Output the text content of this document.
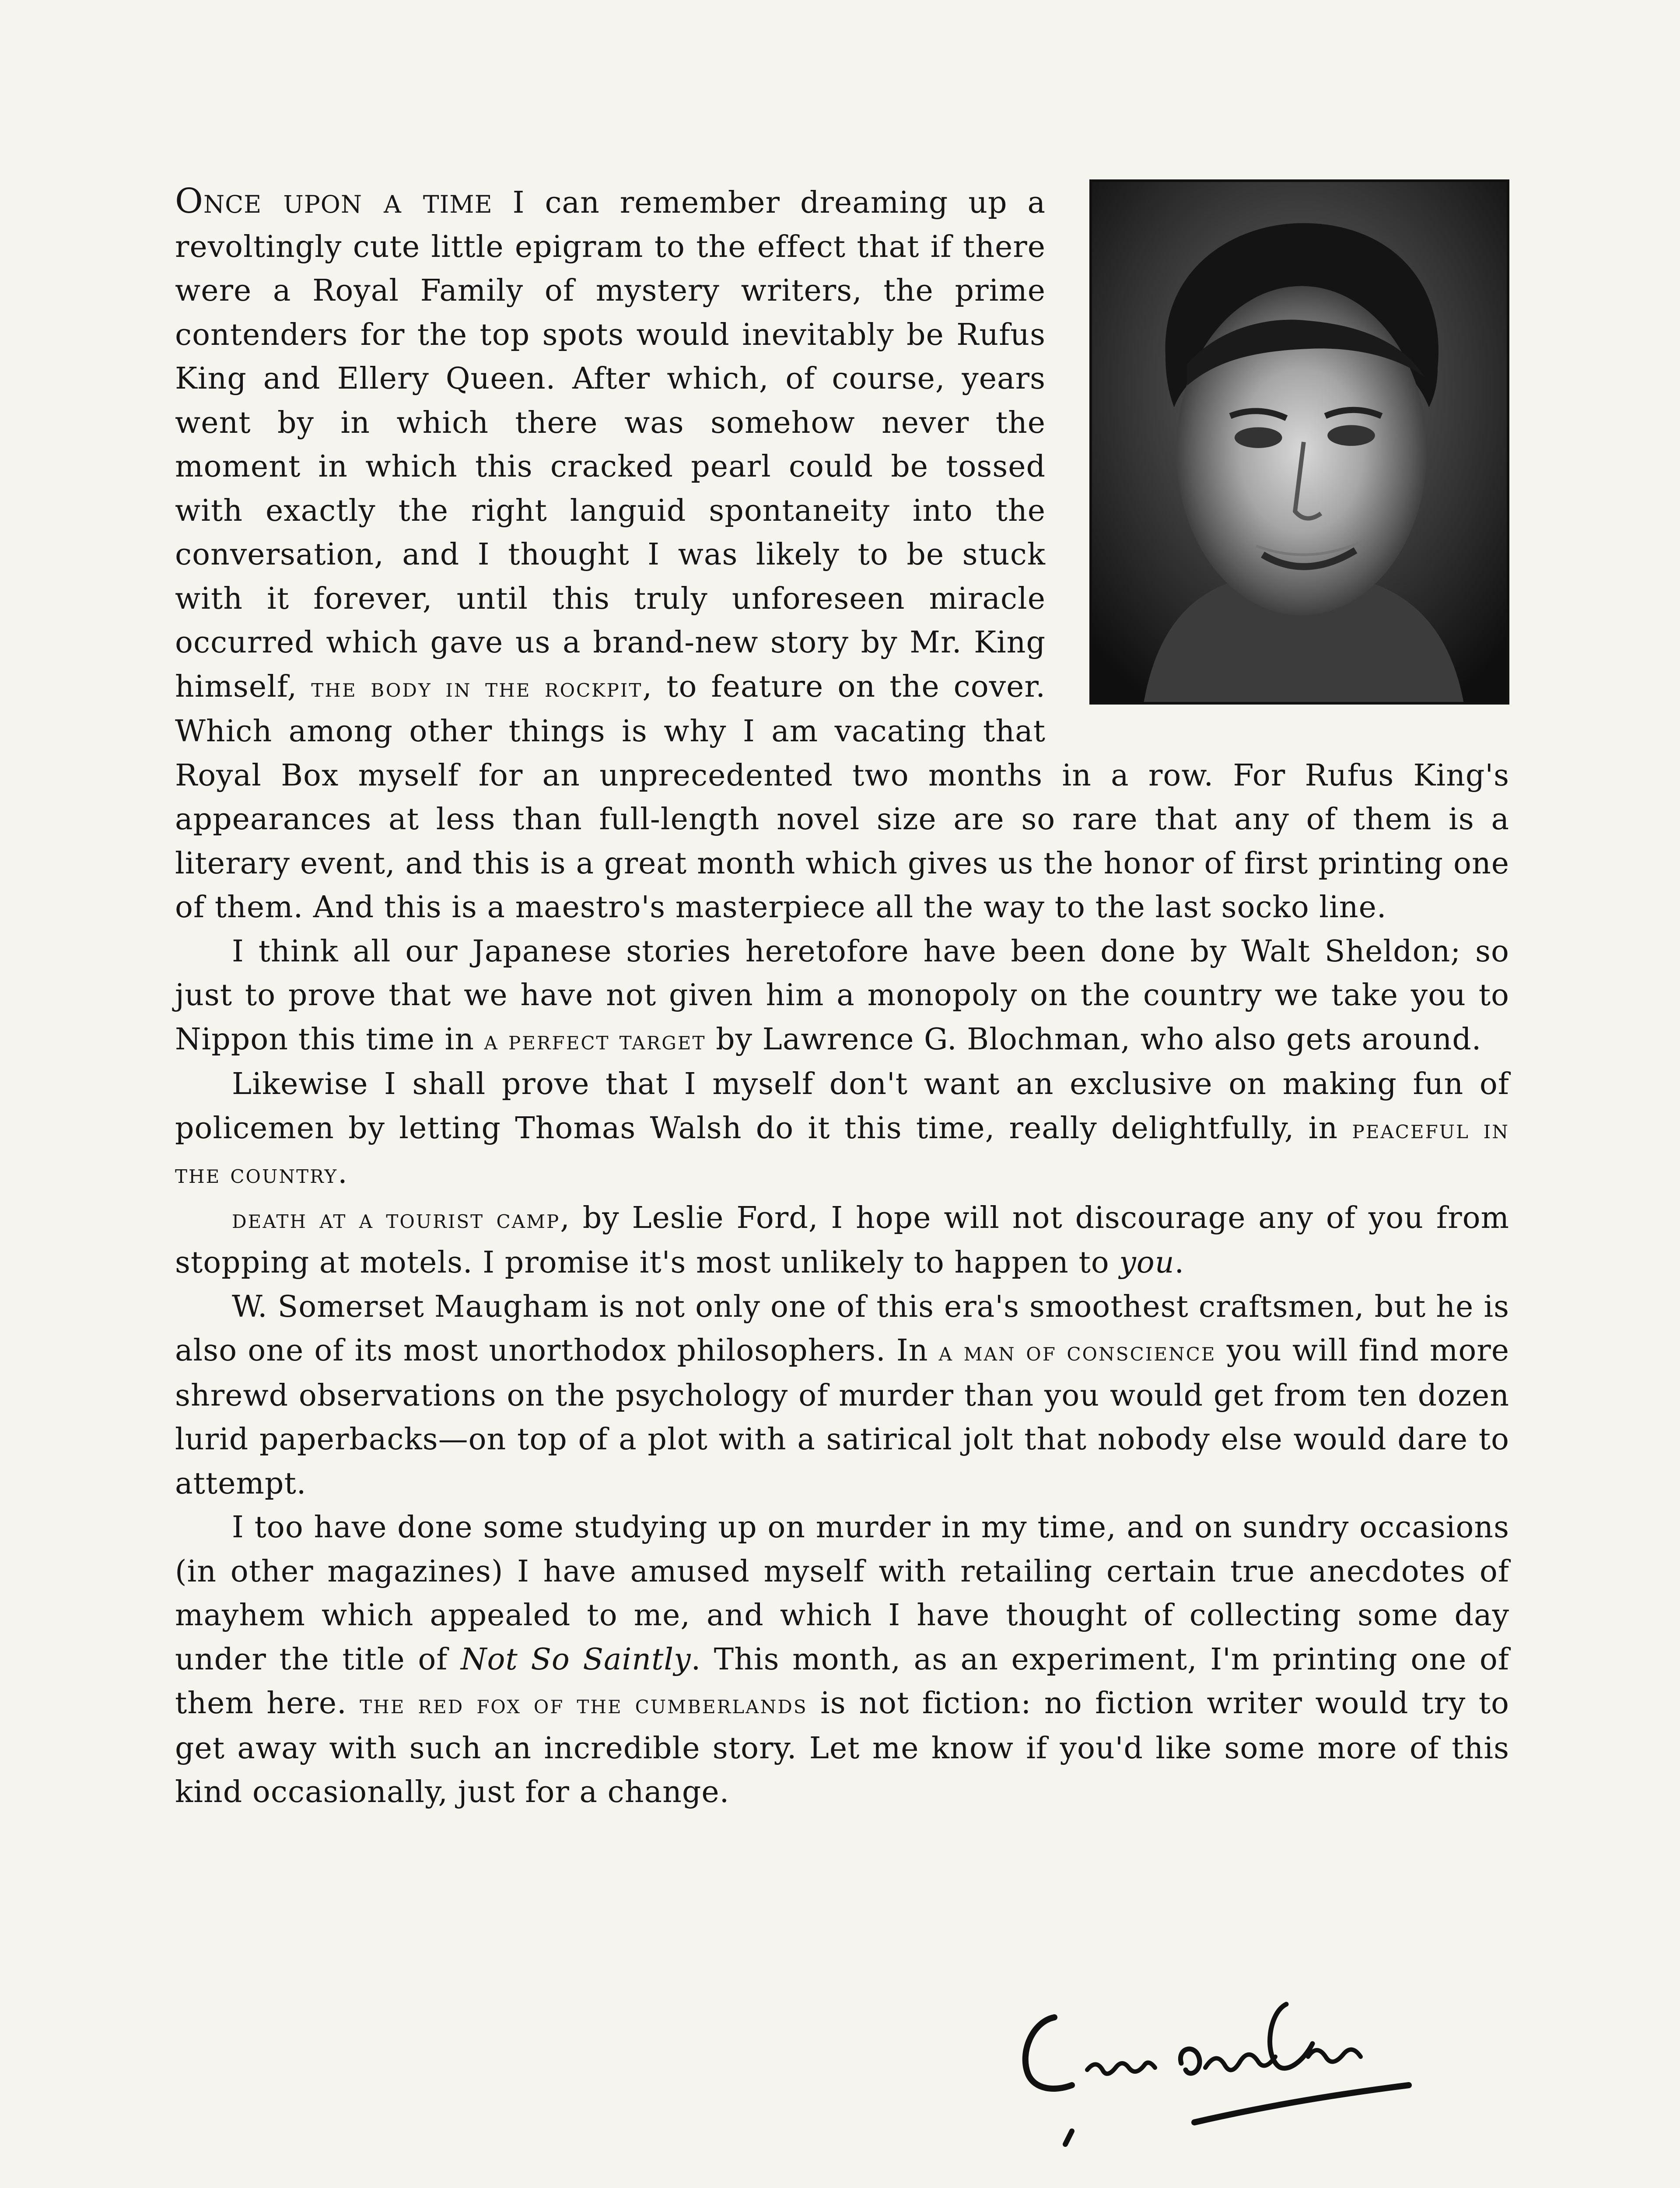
Once upon a time I can remember dreaming up a revoltingly cute little epigram to the effect that if there were a Royal Family of mystery writers, the prime contenders for the top spots would inevitably be Rufus King and Ellery Queen. After which, of course, years went by in which there was somehow never the moment in which this cracked pearl could be tossed with exactly the right languid spontaneity into the conversation, and I thought I was likely to be stuck with it forever, until this truly unforeseen miracle occurred which gave us a brand-new story by Mr. King himself, the body in the rockpit, to feature on the cover. Which among other things is why I am vacating that Royal Box myself for an unprecedented two months in a row. For Rufus King's appearances at less than full-length novel size are so rare that any of them is a literary event, and this is a great month which gives us the honor of first printing one of them. And this is a maestro's masterpiece all the way to the last socko line.

I think all our Japanese stories heretofore have been done by Walt Sheldon; so just to prove that we have not given him a monopoly on the country we take you to Nippon this time in a perfect target by Lawrence G. Blochman, who also gets around.

Likewise I shall prove that I myself don't want an exclusive on making fun of policemen by letting Thomas Walsh do it this time, really delightfully, in peaceful in the country.

death at a tourist camp, by Leslie Ford, I hope will not discourage any of you from stopping at motels. I promise it's most unlikely to happen to you.

W. Somerset Maugham is not only one of this era's smoothest craftsmen, but he is also one of its most unorthodox philosophers. In a man of conscience you will find more shrewd observations on the psychology of murder than you would get from ten dozen lurid paperbacks—on top of a plot with a satirical jolt that nobody else would dare to attempt.

I too have done some studying up on murder in my time, and on sundry occasions (in other magazines) I have amused myself with retailing certain true anecdotes of mayhem which appealed to me, and which I have thought of collecting some day under the title of Not So Saintly. This month, as an experiment, I'm printing one of them here. the red fox of the cumberlands is not fiction: no fiction writer would try to get away with such an incredible story. Let me know if you'd like some more of this kind occasionally, just for a change.
